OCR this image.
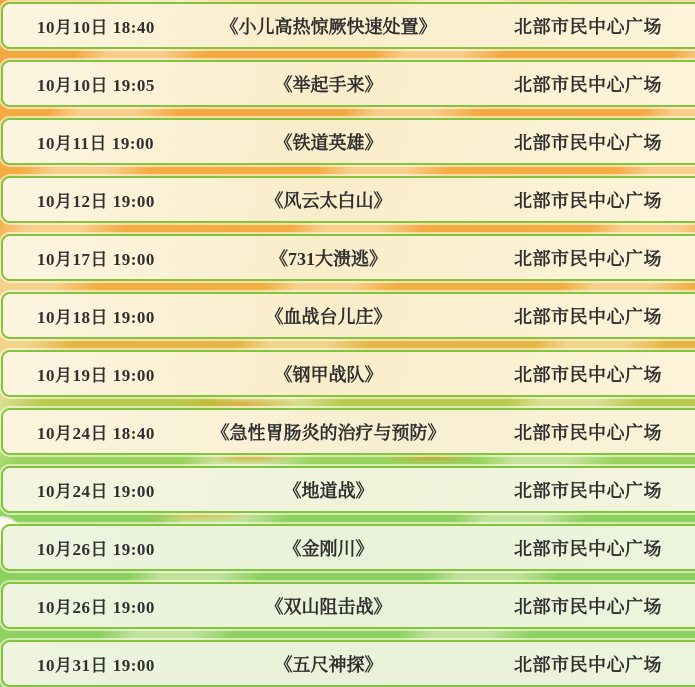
10月10日 18:40	《小儿高热惊厥快速处置》	北部市民中心广场
10月10日 19:05	《举起手来》	北部市民中心广场
10月11日 19:00	《铁道英雄》	北部市民中心广场
10月12日 19:00	《风云太白山》	北部市民中心广场
10月17日 19:00	《731大溃逃》	北部市民中心广场
10月18日 19:00	《血战台儿庄》	北部市民中心广场
10月19日 19:00	《钢甲战队》	北部市民中心广场
10月24日 18:40	《急性胃肠炎的治疗与预防》	北部市民中心广场
10月24日 19:00	《地道战》	北部市民中心广场
10月26日 19:00	《金刚川》	北部市民中心广场
10月26日 19:00	《双山阻击战》	北部市民中心广场
10月31日 19:00	《五尺神探》	北部市民中心广场
